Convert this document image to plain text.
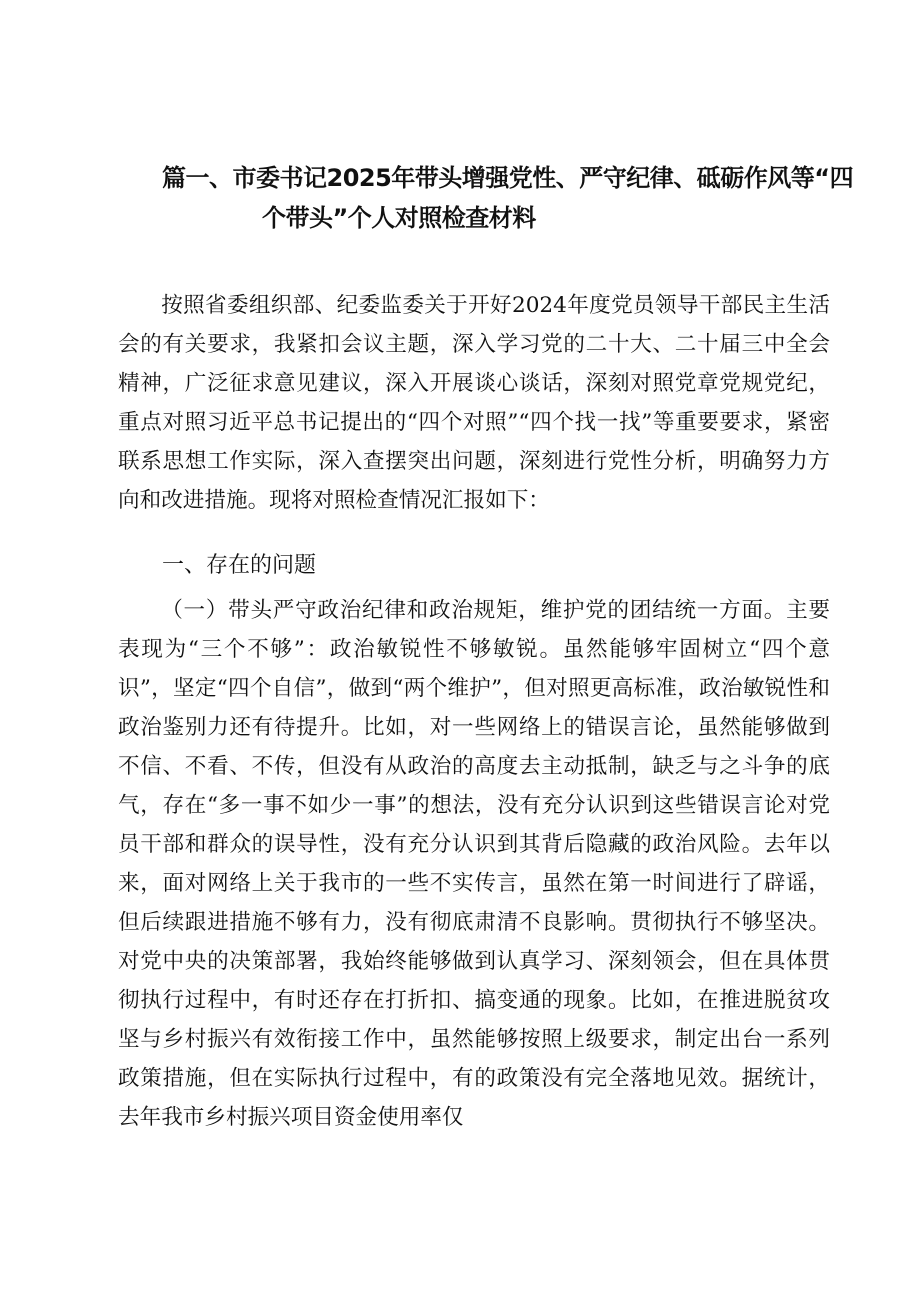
篇一、市委书记2025年带头增强党性、严守纪律、砥砺作风等“四
个带头”个人对照检查材料

按照省委组织部、纪委监委关于开好2024年度党员领导干部民主生活会的有关要求，我紧扣会议主题，深入学习党的二十大、二十届三中全会精神，广泛征求意见建议，深入开展谈心谈话，深刻对照党章党规党纪，重点对照习近平总书记提出的“四个对照”“四个找一找”等重要要求，紧密联系思想工作实际，深入查摆突出问题，深刻进行党性分析，明确努力方向和改进措施。现将对照检查情况汇报如下：

一、存在的问题

（一）带头严守政治纪律和政治规矩，维护党的团结统一方面。主要表现为“三个不够”：政治敏锐性不够敏锐。虽然能够牢固树立“四个意识”，坚定“四个自信”，做到“两个维护”，但对照更高标准，政治敏锐性和政治鉴别力还有待提升。比如，对一些网络上的错误言论，虽然能够做到不信、不看、不传，但没有从政治的高度去主动抵制，缺乏与之斗争的底气，存在“多一事不如少一事”的想法，没有充分认识到这些错误言论对党员干部和群众的误导性，没有充分认识到其背后隐藏的政治风险。去年以来，面对网络上关于我市的一些不实传言，虽然在第一时间进行了辟谣，但后续跟进措施不够有力，没有彻底肃清不良影响。贯彻执行不够坚决。对党中央的决策部署，我始终能够做到认真学习、深刻领会，但在具体贯彻执行过程中，有时还存在打折扣、搞变通的现象。比如，在推进脱贫攻坚与乡村振兴有效衔接工作中，虽然能够按照上级要求，制定出台一系列政策措施，但在实际执行过程中，有的政策没有完全落地见效。据统计，去年我市乡村振兴项目资金使用率仅
